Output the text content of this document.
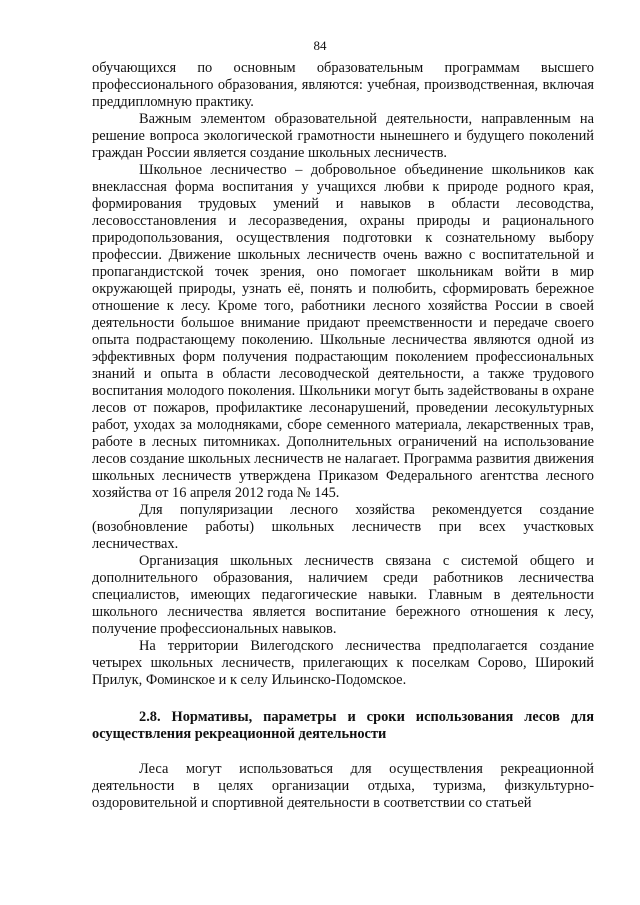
84

обучающихся по основным образовательным программам высшего профессионального образования, являются: учебная, производственная, включая преддипломную практику.

Важным элементом образовательной деятельности, направленным на решение вопроса экологической грамотности нынешнего и будущего поколений граждан России является создание школьных лесничеств.

Школьное лесничество – добровольное объединение школьников как внеклассная форма воспитания у учащихся любви к природе родного края, формирования трудовых умений и навыков в области лесоводства, лесовосстановления и лесоразведения, охраны природы и рационального природопользования, осуществления подготовки к сознательному выбору профессии. Движение школьных лесничеств очень важно с воспитательной и пропагандистской точек зрения, оно помогает школьникам войти в мир окружающей природы, узнать её, понять и полюбить, сформировать бережное отношение к лесу. Кроме того, работники лесного хозяйства России в своей деятельности большое внимание придают преемственности и передаче своего опыта подрастающему поколению. Школьные лесничества являются одной из эффективных форм получения подрастающим поколением профессиональных знаний и опыта в области лесоводческой деятельности, а также трудового воспитания молодого поколения. Школьники могут быть задействованы в охране лесов от пожаров, профилактике лесонарушений, проведении лесокультурных работ, уходах за молодняками, сборе семенного материала, лекарственных трав, работе в лесных питомниках. Дополнительных ограничений на использование лесов создание школьных лесничеств не налагает. Программа развития движения школьных лесничеств утверждена Приказом Федерального агентства лесного хозяйства от 16 апреля 2012 года № 145.

Для популяризации лесного хозяйства рекомендуется создание (возобновление работы) школьных лесничеств при всех участковых лесничествах.

Организация школьных лесничеств связана с системой общего и дополнительного образования, наличием среди работников лесничества специалистов, имеющих педагогические навыки. Главным в деятельности школьного лесничества является воспитание бережного отношения к лесу, получение профессиональных навыков.

На территории Вилегодского лесничества предполагается создание четырех школьных лесничеств, прилегающих к поселкам Сорово, Широкий Прилук, Фоминское и к селу Ильинско-Подомское.

2.8. Нормативы, параметры и сроки использования лесов для осуществления рекреационной деятельности

Леса могут использоваться для осуществления рекреационной деятельности в целях организации отдыха, туризма, физкультурно-оздоровительной и спортивной деятельности в соответствии со статьей
